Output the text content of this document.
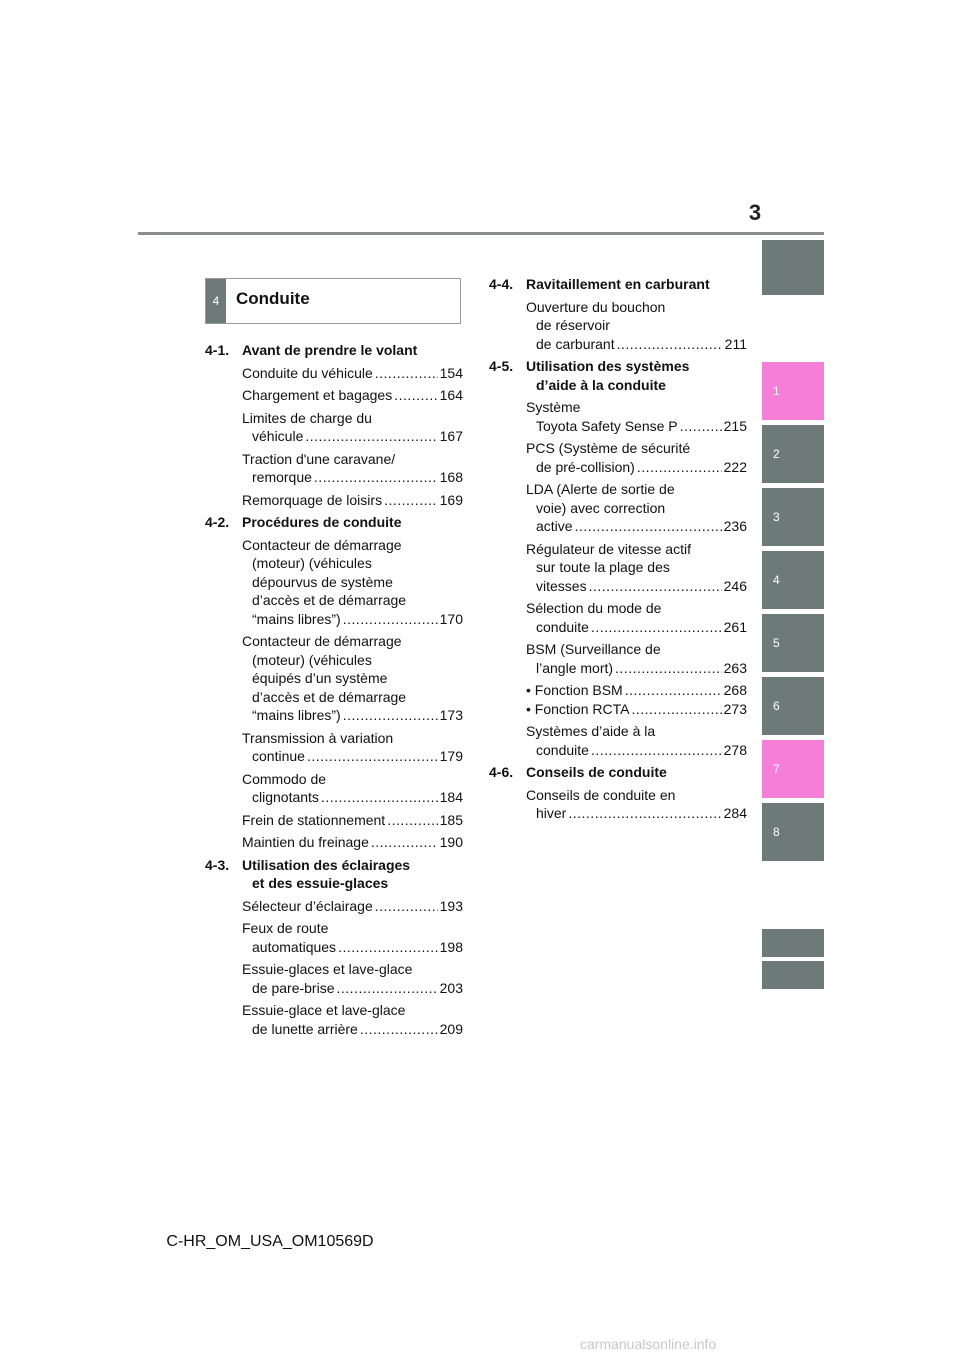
3
1
2
3
4
5
6
7
8
4 Conduite
4-1. Avant de prendre le volant
Conduite du véhicule .....	154
Chargement et bagages .....	164
Limites de charge du
véhicule .....	167
Traction d'une caravane/
remorque .....	168
Remorquage de loisirs .....	169
4-2. Procédures de conduite
Contacteur de démarrage
(moteur) (véhicules
dépourvus de système
d’accès et de démarrage
“mains libres”) .....	170
Contacteur de démarrage
(moteur) (véhicules
équipés d’un système
d’accès et de démarrage
“mains libres”) .....	173
Transmission à variation
continue .....	179
Commodo de
clignotants .....	184
Frein de stationnement .....	185
Maintien du freinage .....	190
4-3. Utilisation des éclairages
et des essuie-glaces
Sélecteur d’éclairage .....	193
Feux de route
automatiques .....	198
Essuie-glaces et lave-glace
de pare-brise .....	203
Essuie-glace et lave-glace
de lunette arrière .....	209
4-4. Ravitaillement en carburant
Ouverture du bouchon
de réservoir
de carburant .....	211
4-5. Utilisation des systèmes
d’aide à la conduite
Système
Toyota Safety Sense P .....	215
PCS (Système de sécurité
de pré-collision) .....	222
LDA (Alerte de sortie de
voie) avec correction
active .....	236
Régulateur de vitesse actif
sur toute la plage des
vitesses .....	246
Sélection du mode de
conduite .....	261
BSM (Surveillance de
l’angle mort) .....	263
• Fonction BSM .....	268
• Fonction RCTA .....	273
Systèmes d’aide à la
conduite .....	278
4-6. Conseils de conduite
Conseils de conduite en
hiver .....	284
C-HR_OM_USA_OM10569D
carmanualsonline.info
